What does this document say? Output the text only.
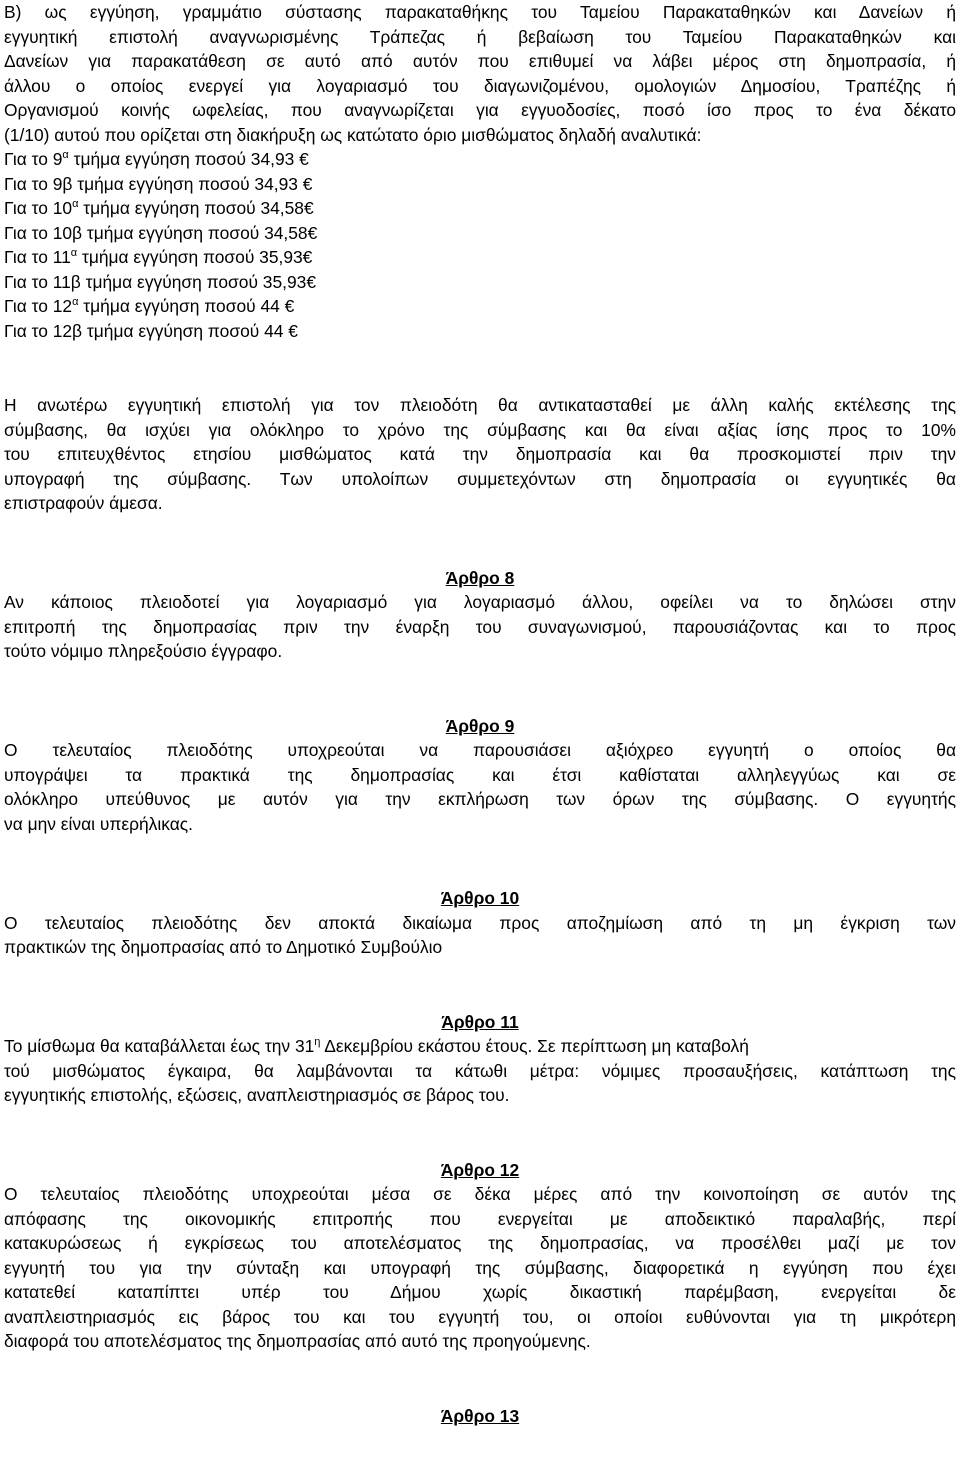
Β) ως εγγύηση, γραμμάτιο σύστασης παρακαταθήκης του Ταμείου Παρακαταθηκών και Δανείων ή
εγγυητική επιστολή αναγνωρισμένης Τράπεζας ή βεβαίωση του Ταμείου Παρακαταθηκών και
Δανείων για παρακατάθεση σε αυτό από αυτόν που επιθυμεί να λάβει μέρος στη δημοπρασία, ή
άλλου ο οποίος ενεργεί για λογαριασμό του διαγωνιζομένου, ομολογιών Δημοσίου, Τραπέζης ή
Οργανισμού κοινής ωφελείας, που αναγνωρίζεται για εγγυοδοσίες, ποσό ίσο προς το ένα δέκατο
(1/10) αυτού που ορίζεται στη διακήρυξη ως κατώτατο όριο μισθώματος δηλαδή αναλυτικά:
Για το $9^\alpha$ τμήμα εγγύηση ποσού 34,93 €
Για το 9β τμήμα εγγύηση ποσού 34,93 €
Για το $10^\alpha$ τμήμα εγγύηση ποσού 34,58€
Για το 10β τμήμα εγγύηση ποσού 34,58€
Για το $11^\alpha$ τμήμα εγγύηση ποσού 35,93€
Για το 11β τμήμα εγγύηση ποσού 35,93€
Για το $12^\alpha$ τμήμα εγγύηση ποσού 44 €
Για το 12β τμήμα εγγύηση ποσού 44 €
Η ανωτέρω εγγυητική επιστολή για τον πλειοδότη θα αντικατασταθεί με άλλη καλής εκτέλεσης της
σύμβασης, θα ισχύει για ολόκληρο το χρόνο της σύμβασης και θα είναι αξίας ίσης προς το 10%
του επιτευχθέντος ετησίου μισθώματος κατά την δημοπρασία και θα προσκομιστεί πριν την
υπογραφή της σύμβασης. Των υπολοίπων συμμετεχόντων στη δημοπρασία οι εγγυητικές θα
επιστραφούν άμεσα.
Άρθρο 8
Αν κάποιος πλειοδοτεί για λογαριασμό για λογαριασμό άλλου, οφείλει να το δηλώσει στην
επιτροπή της δημοπρασίας πριν την έναρξη του συναγωνισμού, παρουσιάζοντας και το προς
τούτο νόμιμο πληρεξούσιο έγγραφο.
Άρθρο 9
Ο τελευταίος πλειοδότης υποχρεούται να παρουσιάσει αξιόχρεο εγγυητή ο οποίος θα
υπογράψει τα πρακτικά της δημοπρασίας και έτσι καθίσταται αλληλεγγύως και σε
ολόκληρο υπεύθυνος με αυτόν για την εκπλήρωση των όρων της σύμβασης. Ο εγγυητής
να μην είναι υπερήλικας.
Άρθρο 10
Ο τελευταίος πλειοδότης δεν αποκτά δικαίωμα προς αποζημίωση από τη μη έγκριση των
πρακτικών της δημοπρασίας από το Δημοτικό Συμβούλιο
Άρθρο 11
Το μίσθωμα θα καταβάλλεται έως την $31^\eta$ Δεκεμβρίου εκάστου έτους. Σε περίπτωση μη καταβολή
τού μισθώματος έγκαιρα, θα λαμβάνονται τα κάτωθι μέτρα: νόμιμες προσαυξήσεις, κατάπτωση της
εγγυητικής επιστολής, εξώσεις, αναπλειστηριασμός σε βάρος του.
Άρθρο 12
Ο τελευταίος πλειοδότης υποχρεούται μέσα σε δέκα μέρες από την κοινοποίηση σε αυτόν της
απόφασης της οικονομικής επιτροπής που ενεργείται με αποδεικτικό παραλαβής, περί
κατακυρώσεως ή εγκρίσεως του αποτελέσματος της δημοπρασίας, να προσέλθει μαζί με τον
εγγυητή του για την σύνταξη και υπογραφή της σύμβασης, διαφορετικά η εγγύηση που έχει
κατατεθεί καταπίπτει υπέρ του Δήμου χωρίς δικαστική παρέμβαση, ενεργείται δε
αναπλειστηριασμός εις βάρος του και του εγγυητή του, οι οποίοι ευθύνονται για τη μικρότερη
διαφορά του αποτελέσματος της δημοπρασίας από αυτό της προηγούμενης.
Άρθρο 13
